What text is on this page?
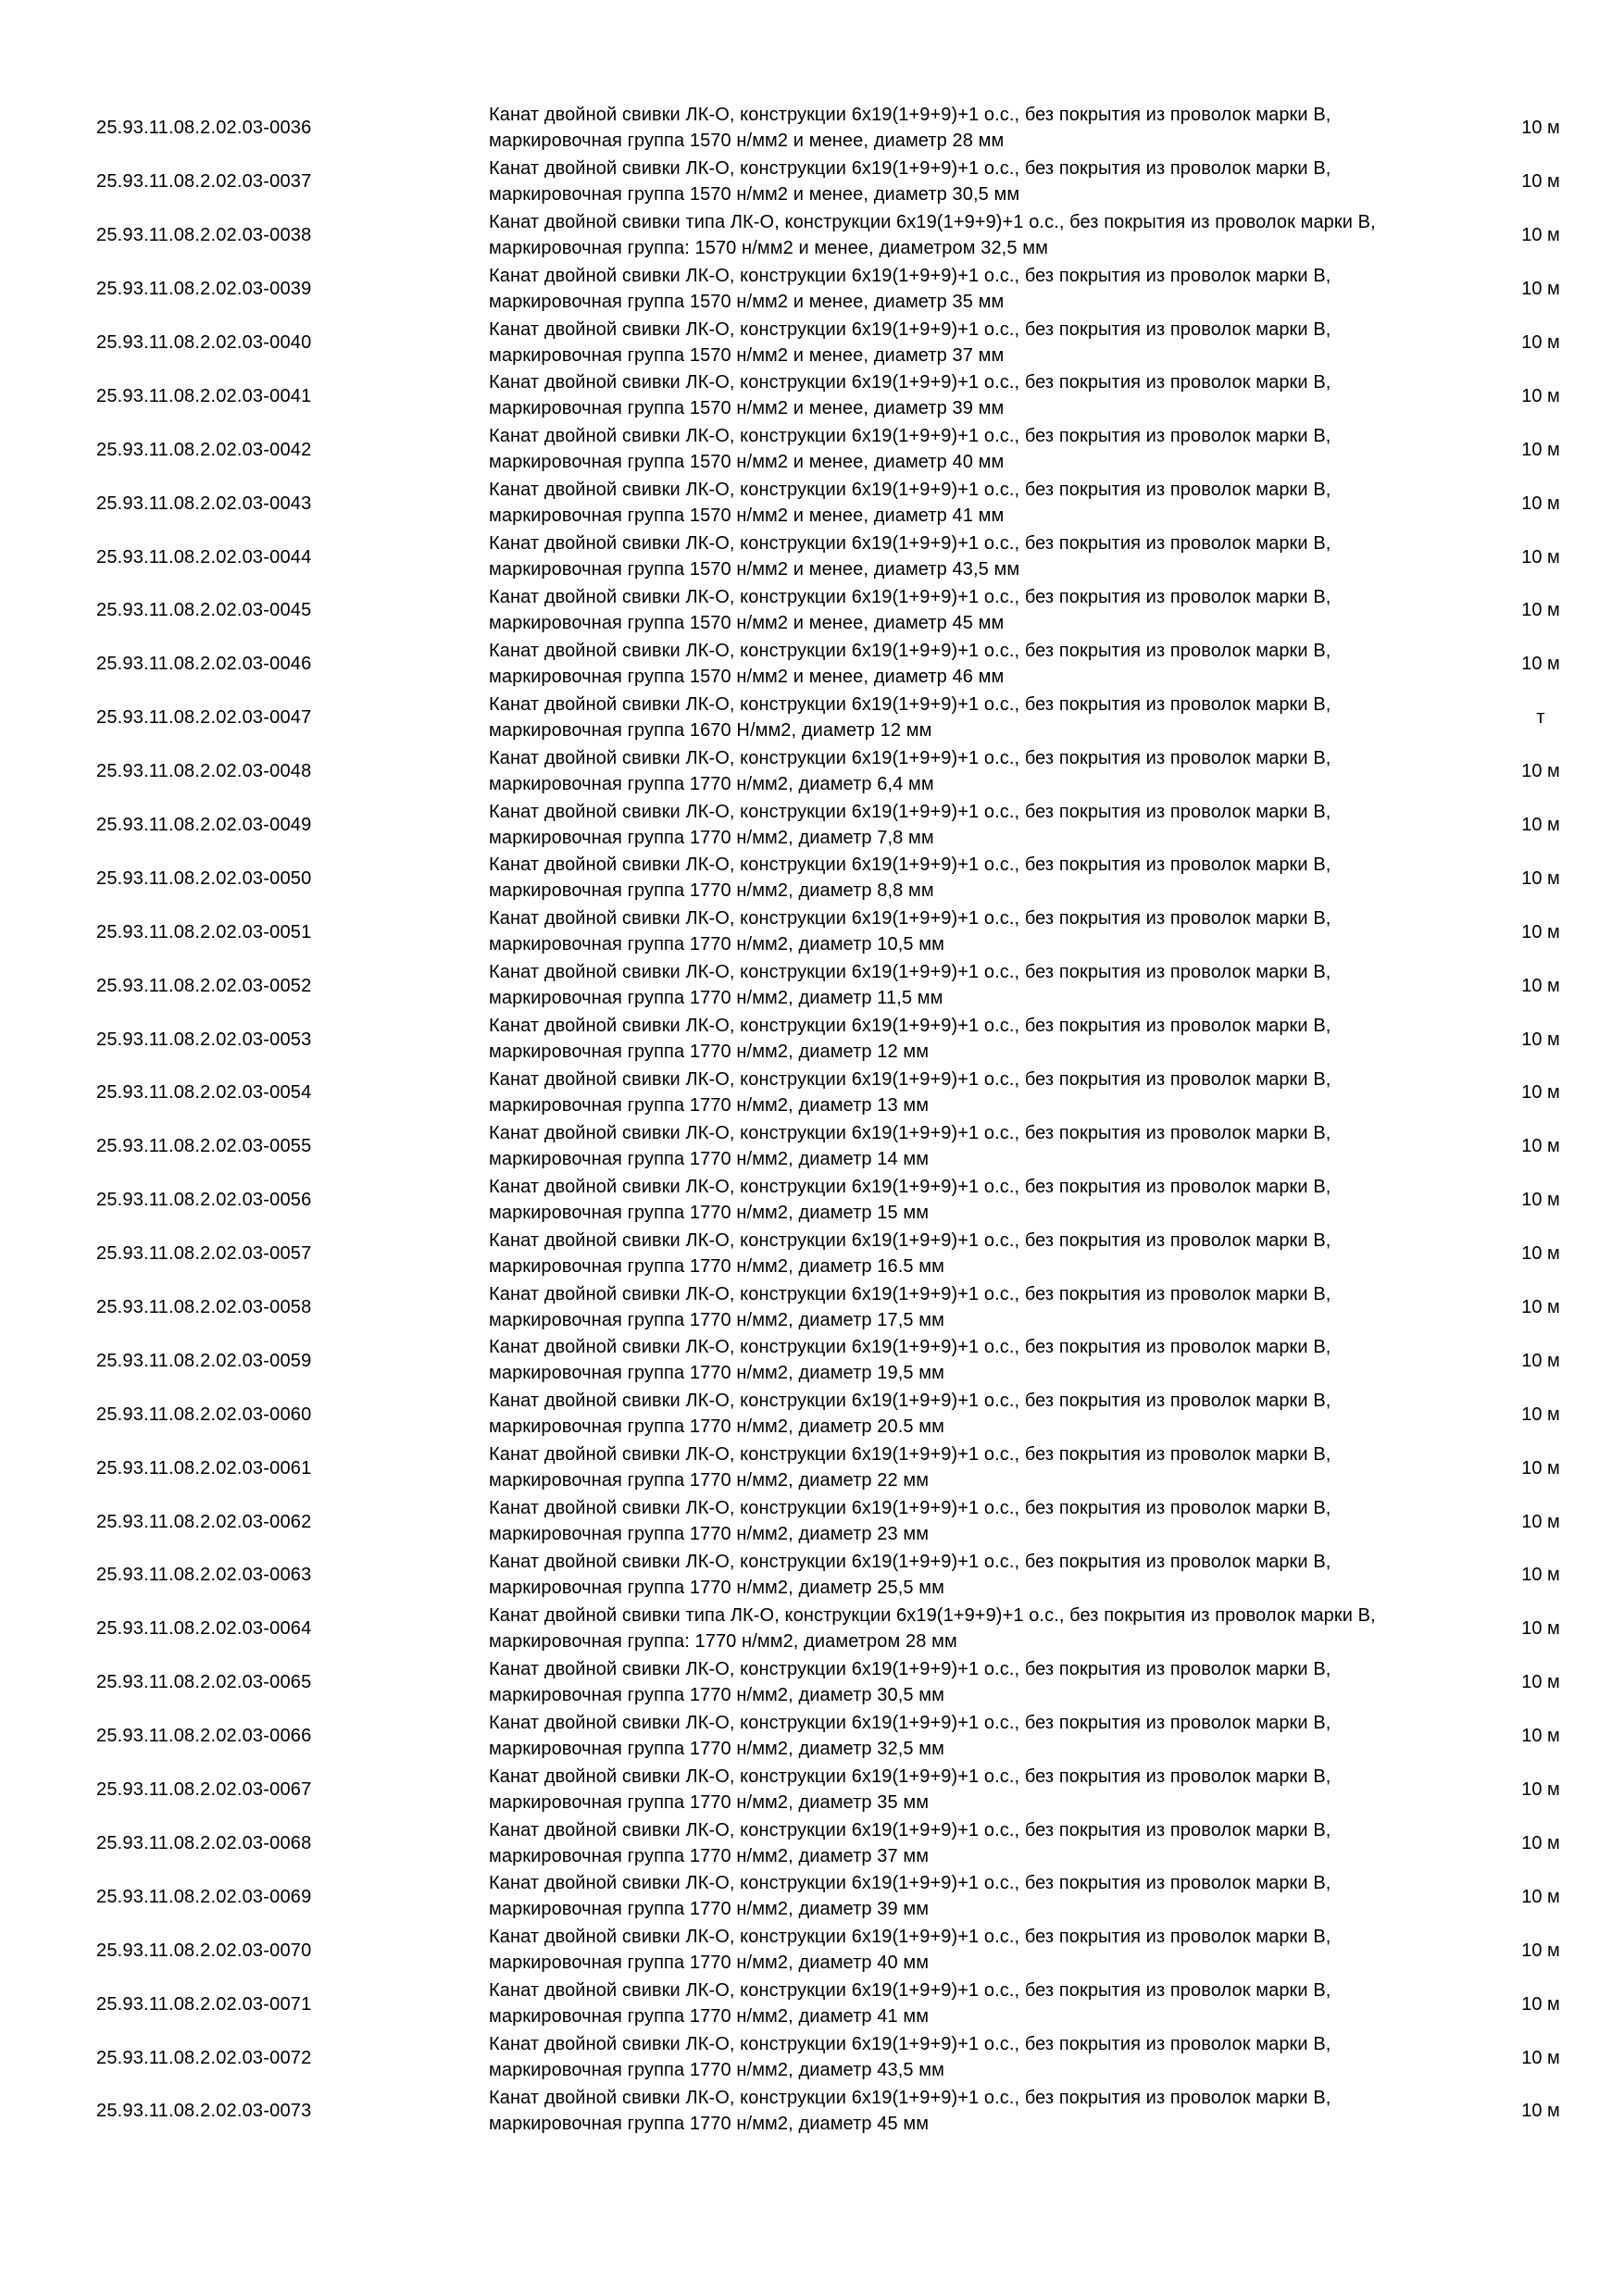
25.93.11.08.2.02.03-0036
Канат двойной свивки ЛК-О, конструкции 6х19(1+9+9)+1 о.с., без покрытия из проволок марки В,
маркировочная группа 1570 н/мм2 и менее, диаметр 28 мм
10 м
25.93.11.08.2.02.03-0037
Канат двойной свивки ЛК-О, конструкции 6х19(1+9+9)+1 о.с., без покрытия из проволок марки В,
маркировочная группа 1570 н/мм2 и менее, диаметр 30,5 мм
10 м
25.93.11.08.2.02.03-0038
Канат двойной свивки типа ЛК-О, конструкции 6х19(1+9+9)+1 о.с., без покрытия из проволок марки В,
маркировочная группа: 1570 н/мм2 и менее, диаметром 32,5 мм
10 м
25.93.11.08.2.02.03-0039
Канат двойной свивки ЛК-О, конструкции 6х19(1+9+9)+1 о.с., без покрытия из проволок марки В,
маркировочная группа 1570 н/мм2 и менее, диаметр 35 мм
10 м
25.93.11.08.2.02.03-0040
Канат двойной свивки ЛК-О, конструкции 6х19(1+9+9)+1 о.с., без покрытия из проволок марки В,
маркировочная группа 1570 н/мм2 и менее, диаметр 37 мм
10 м
25.93.11.08.2.02.03-0041
Канат двойной свивки ЛК-О, конструкции 6х19(1+9+9)+1 о.с., без покрытия из проволок марки В,
маркировочная группа 1570 н/мм2 и менее, диаметр 39 мм
10 м
25.93.11.08.2.02.03-0042
Канат двойной свивки ЛК-О, конструкции 6х19(1+9+9)+1 о.с., без покрытия из проволок марки В,
маркировочная группа 1570 н/мм2 и менее, диаметр 40 мм
10 м
25.93.11.08.2.02.03-0043
Канат двойной свивки ЛК-О, конструкции 6х19(1+9+9)+1 о.с., без покрытия из проволок марки В,
маркировочная группа 1570 н/мм2 и менее, диаметр 41 мм
10 м
25.93.11.08.2.02.03-0044
Канат двойной свивки ЛК-О, конструкции 6х19(1+9+9)+1 о.с., без покрытия из проволок марки В,
маркировочная группа 1570 н/мм2 и менее, диаметр 43,5 мм
10 м
25.93.11.08.2.02.03-0045
Канат двойной свивки ЛК-О, конструкции 6х19(1+9+9)+1 о.с., без покрытия из проволок марки В,
маркировочная группа 1570 н/мм2 и менее, диаметр 45 мм
10 м
25.93.11.08.2.02.03-0046
Канат двойной свивки ЛК-О, конструкции 6х19(1+9+9)+1 о.с., без покрытия из проволок марки В,
маркировочная группа 1570 н/мм2 и менее, диаметр 46 мм
10 м
25.93.11.08.2.02.03-0047
Канат двойной свивки ЛК-О, конструкции 6х19(1+9+9)+1 о.с., без покрытия из проволок марки В,
маркировочная группа 1670 Н/мм2, диаметр 12 мм
т
25.93.11.08.2.02.03-0048
Канат двойной свивки ЛК-О, конструкции 6х19(1+9+9)+1 о.с., без покрытия из проволок марки В,
маркировочная группа 1770 н/мм2, диаметр 6,4 мм
10 м
25.93.11.08.2.02.03-0049
Канат двойной свивки ЛК-О, конструкции 6х19(1+9+9)+1 о.с., без покрытия из проволок марки В,
маркировочная группа 1770 н/мм2, диаметр 7,8 мм
10 м
25.93.11.08.2.02.03-0050
Канат двойной свивки ЛК-О, конструкции 6х19(1+9+9)+1 о.с., без покрытия из проволок марки В,
маркировочная группа 1770 н/мм2, диаметр 8,8 мм
10 м
25.93.11.08.2.02.03-0051
Канат двойной свивки ЛК-О, конструкции 6х19(1+9+9)+1 о.с., без покрытия из проволок марки В,
маркировочная группа 1770 н/мм2, диаметр 10,5 мм
10 м
25.93.11.08.2.02.03-0052
Канат двойной свивки ЛК-О, конструкции 6х19(1+9+9)+1 о.с., без покрытия из проволок марки В,
маркировочная группа 1770 н/мм2, диаметр 11,5 мм
10 м
25.93.11.08.2.02.03-0053
Канат двойной свивки ЛК-О, конструкции 6х19(1+9+9)+1 о.с., без покрытия из проволок марки В,
маркировочная группа 1770 н/мм2, диаметр 12 мм
10 м
25.93.11.08.2.02.03-0054
Канат двойной свивки ЛК-О, конструкции 6х19(1+9+9)+1 о.с., без покрытия из проволок марки В,
маркировочная группа 1770 н/мм2, диаметр 13 мм
10 м
25.93.11.08.2.02.03-0055
Канат двойной свивки ЛК-О, конструкции 6х19(1+9+9)+1 о.с., без покрытия из проволок марки В,
маркировочная группа 1770 н/мм2, диаметр 14 мм
10 м
25.93.11.08.2.02.03-0056
Канат двойной свивки ЛК-О, конструкции 6х19(1+9+9)+1 о.с., без покрытия из проволок марки В,
маркировочная группа 1770 н/мм2, диаметр 15 мм
10 м
25.93.11.08.2.02.03-0057
Канат двойной свивки ЛК-О, конструкции 6х19(1+9+9)+1 о.с., без покрытия из проволок марки В,
маркировочная группа 1770 н/мм2, диаметр 16.5 мм
10 м
25.93.11.08.2.02.03-0058
Канат двойной свивки ЛК-О, конструкции 6х19(1+9+9)+1 о.с., без покрытия из проволок марки В,
маркировочная группа 1770 н/мм2, диаметр 17,5 мм
10 м
25.93.11.08.2.02.03-0059
Канат двойной свивки ЛК-О, конструкции 6х19(1+9+9)+1 о.с., без покрытия из проволок марки В,
маркировочная группа 1770 н/мм2, диаметр 19,5 мм
10 м
25.93.11.08.2.02.03-0060
Канат двойной свивки ЛК-О, конструкции 6х19(1+9+9)+1 о.с., без покрытия из проволок марки В,
маркировочная группа 1770 н/мм2, диаметр 20.5 мм
10 м
25.93.11.08.2.02.03-0061
Канат двойной свивки ЛК-О, конструкции 6х19(1+9+9)+1 о.с., без покрытия из проволок марки В,
маркировочная группа 1770 н/мм2, диаметр 22 мм
10 м
25.93.11.08.2.02.03-0062
Канат двойной свивки ЛК-О, конструкции 6х19(1+9+9)+1 о.с., без покрытия из проволок марки В,
маркировочная группа 1770 н/мм2, диаметр 23 мм
10 м
25.93.11.08.2.02.03-0063
Канат двойной свивки ЛК-О, конструкции 6х19(1+9+9)+1 о.с., без покрытия из проволок марки В,
маркировочная группа 1770 н/мм2, диаметр 25,5 мм
10 м
25.93.11.08.2.02.03-0064
Канат двойной свивки типа ЛК-О, конструкции 6х19(1+9+9)+1 о.с., без покрытия из проволок марки В,
маркировочная группа: 1770 н/мм2, диаметром 28 мм
10 м
25.93.11.08.2.02.03-0065
Канат двойной свивки ЛК-О, конструкции 6х19(1+9+9)+1 о.с., без покрытия из проволок марки В,
маркировочная группа 1770 н/мм2, диаметр 30,5 мм
10 м
25.93.11.08.2.02.03-0066
Канат двойной свивки ЛК-О, конструкции 6х19(1+9+9)+1 о.с., без покрытия из проволок марки В,
маркировочная группа 1770 н/мм2, диаметр 32,5 мм
10 м
25.93.11.08.2.02.03-0067
Канат двойной свивки ЛК-О, конструкции 6х19(1+9+9)+1 о.с., без покрытия из проволок марки В,
маркировочная группа 1770 н/мм2, диаметр 35 мм
10 м
25.93.11.08.2.02.03-0068
Канат двойной свивки ЛК-О, конструкции 6х19(1+9+9)+1 о.с., без покрытия из проволок марки В,
маркировочная группа 1770 н/мм2, диаметр 37 мм
10 м
25.93.11.08.2.02.03-0069
Канат двойной свивки ЛК-О, конструкции 6х19(1+9+9)+1 о.с., без покрытия из проволок марки В,
маркировочная группа 1770 н/мм2, диаметр 39 мм
10 м
25.93.11.08.2.02.03-0070
Канат двойной свивки ЛК-О, конструкции 6х19(1+9+9)+1 о.с., без покрытия из проволок марки В,
маркировочная группа 1770 н/мм2, диаметр 40 мм
10 м
25.93.11.08.2.02.03-0071
Канат двойной свивки ЛК-О, конструкции 6х19(1+9+9)+1 о.с., без покрытия из проволок марки В,
маркировочная группа 1770 н/мм2, диаметр 41 мм
10 м
25.93.11.08.2.02.03-0072
Канат двойной свивки ЛК-О, конструкции 6х19(1+9+9)+1 о.с., без покрытия из проволок марки В,
маркировочная группа 1770 н/мм2, диаметр 43,5 мм
10 м
25.93.11.08.2.02.03-0073
Канат двойной свивки ЛК-О, конструкции 6х19(1+9+9)+1 о.с., без покрытия из проволок марки В,
маркировочная группа 1770 н/мм2, диаметр 45 мм
10 м
